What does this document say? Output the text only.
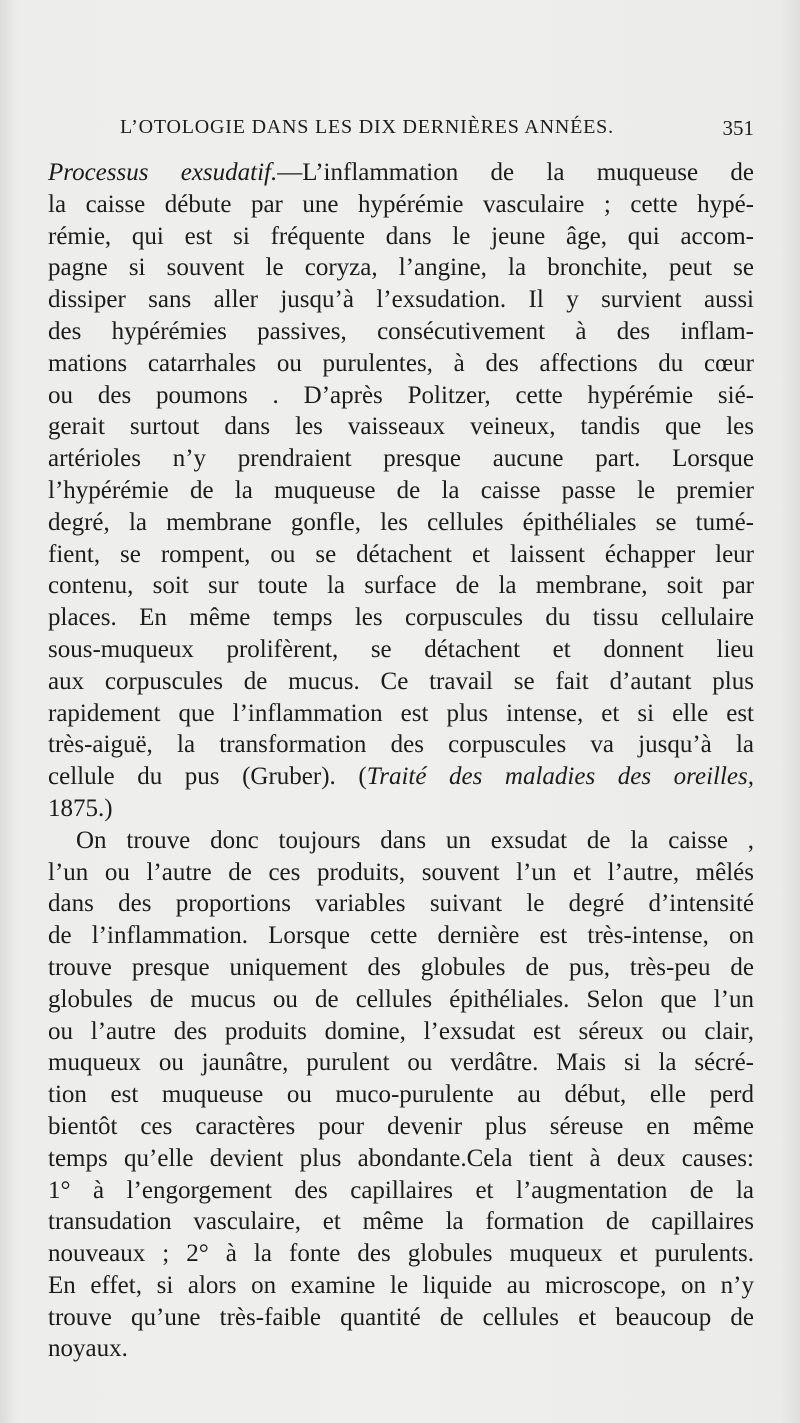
L’OTOLOGIE DANS LES DIX DERNIÈRES ANNÉES.	351
Processus exsudatif.—L’inflammation de la muqueuse de
la caisse débute par une hypérémie vasculaire ; cette hypé-
rémie, qui est si fréquente dans le jeune âge, qui accom-
pagne si souvent le coryza, l’angine, la bronchite, peut se
dissiper sans aller jusqu’à l’exsudation. Il y survient aussi
des hypérémies passives, consécutivement à des inflam-
mations catarrhales ou purulentes, à des affections du cœur
ou des poumons . D’après Politzer, cette hypérémie sié-
gerait surtout dans les vaisseaux veineux, tandis que les
artérioles n’y prendraient presque aucune part. Lorsque
l’hypérémie de la muqueuse de la caisse passe le premier
degré, la membrane gonfle, les cellules épithéliales se tumé-
fient, se rompent, ou se détachent et laissent échapper leur
contenu, soit sur toute la surface de la membrane, soit par
places. En même temps les corpuscules du tissu cellulaire
sous-muqueux prolifèrent, se détachent et donnent lieu
aux corpuscules de mucus. Ce travail se fait d’autant plus
rapidement que l’inflammation est plus intense, et si elle est
très-aiguë, la transformation des corpuscules va jusqu’à la
cellule du pus (Gruber). (Traité des maladies des oreilles,
1875.)
On trouve donc toujours dans un exsudat de la caisse ,
l’un ou l’autre de ces produits, souvent l’un et l’autre, mêlés
dans des proportions variables suivant le degré d’intensité
de l’inflammation. Lorsque cette dernière est très-intense, on
trouve presque uniquement des globules de pus, très-peu de
globules de mucus ou de cellules épithéliales. Selon que l’un
ou l’autre des produits domine, l’exsudat est séreux ou clair,
muqueux ou jaunâtre, purulent ou verdâtre. Mais si la sécré-
tion est muqueuse ou muco-purulente au début, elle perd
bientôt ces caractères pour devenir plus séreuse en même
temps qu’elle devient plus abondante.Cela tient à deux causes:
1° à l’engorgement des capillaires et l’augmentation de la
transudation vasculaire, et même la formation de capillaires
nouveaux ; 2° à la fonte des globules muqueux et purulents.
En effet, si alors on examine le liquide au microscope, on n’y
trouve qu’une très-faible quantité de cellules et beaucoup de
noyaux.
